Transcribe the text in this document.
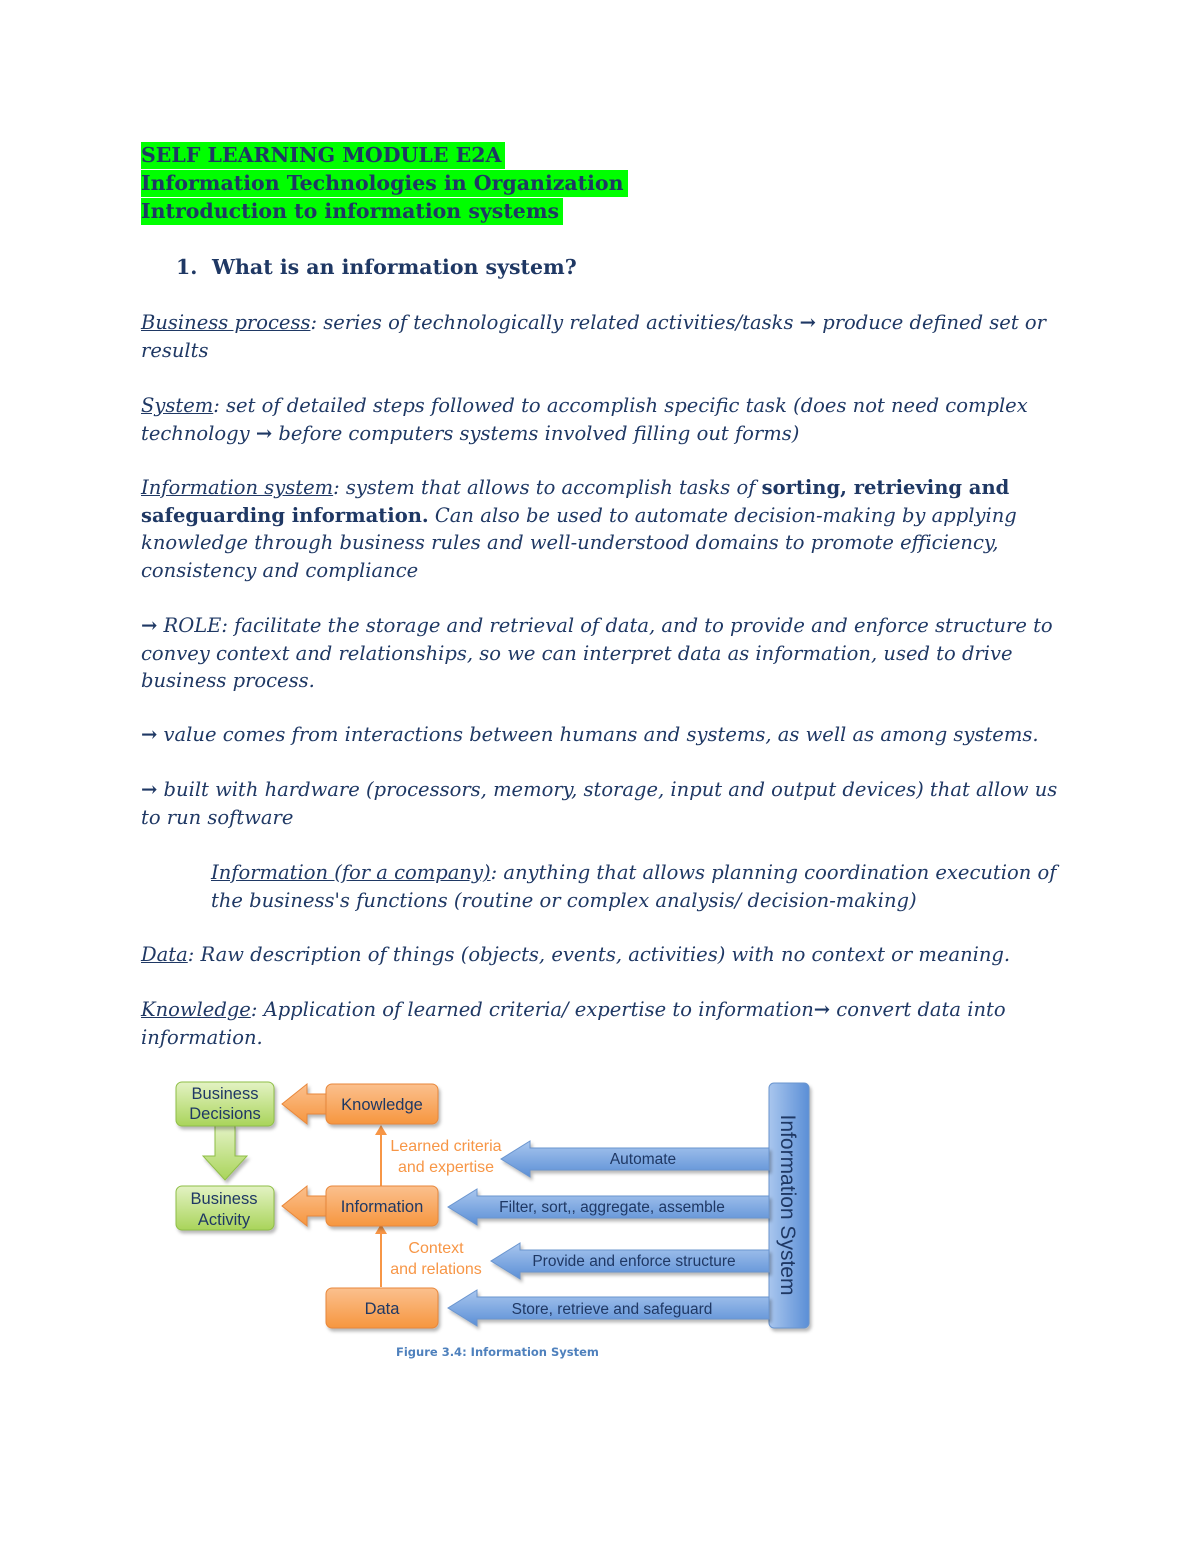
SELF LEARNING MODULE E2A
Information Technologies in Organization
Introduction to information systems
1. What is an information system?
Business process: series of technologically related activities/tasks → produce defined set or results
System: set of detailed steps followed to accomplish specific task (does not need complex technology → before computers systems involved filling out forms)
Information system: system that allows to accomplish tasks of sorting, retrieving and safeguarding information. Can also be used to automate decision-making by applying knowledge through business rules and well-understood domains to promote efficiency, consistency and compliance
→ ROLE: facilitate the storage and retrieval of data, and to provide and enforce structure to convey context and relationships, so we can interpret data as information, used to drive business process.
→ value comes from interactions between humans and systems, as well as among systems.
→ built with hardware (processors, memory, storage, input and output devices) that allow us to run software
Information (for a company): anything that allows planning coordination execution of the business's functions (routine or complex analysis/ decision-making)
Data: Raw description of things (objects, events, activities) with no context or meaning.
Knowledge: Application of learned criteria/ expertise to information→ convert data into information.
Information System
Automate
Filter, sort,, aggregate, assemble
Provide and enforce structure
Store, retrieve and safeguard
Learned criteria
and expertise
Context
and relations
Knowledge
Information
Data
Business
Decisions
Business
Activity
Figure 3.4: Information System
